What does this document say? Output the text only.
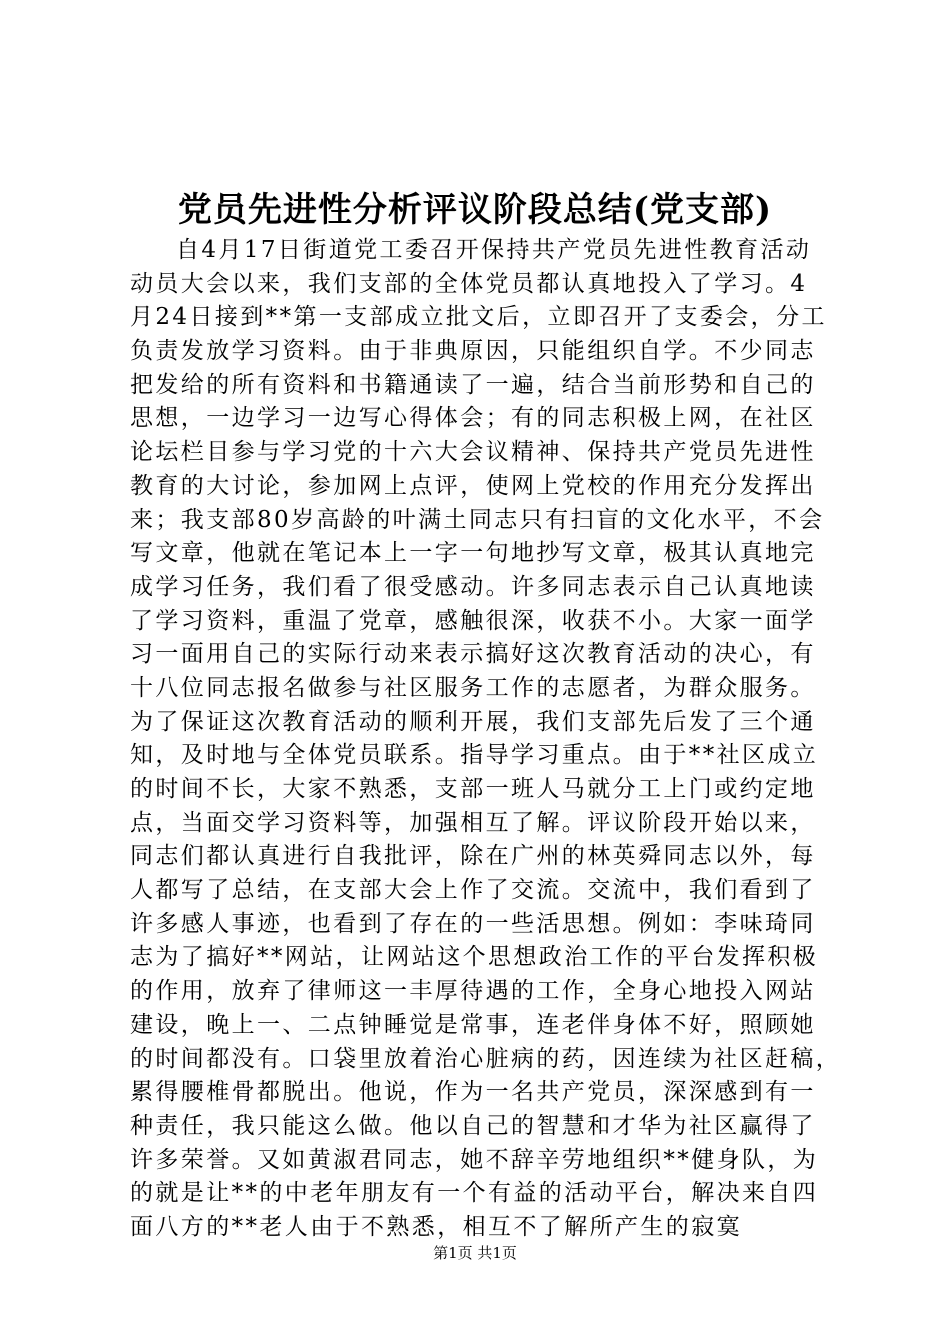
党员先进性分析评议阶段总结(党支部)
自4月17日街道党工委召开保持共产党员先进性教育活动
动员大会以来，我们支部的全体党员都认真地投入了学习。4
月24日接到**第一支部成立批文后，立即召开了支委会，分工
负责发放学习资料。由于非典原因，只能组织自学。不少同志
把发给的所有资料和书籍通读了一遍，结合当前形势和自己的
思想，一边学习一边写心得体会；有的同志积极上网，在社区
论坛栏目参与学习党的十六大会议精神、保持共产党员先进性
教育的大讨论，参加网上点评，使网上党校的作用充分发挥出
来；我支部80岁高龄的叶满土同志只有扫盲的文化水平，不会
写文章，他就在笔记本上一字一句地抄写文章，极其认真地完
成学习任务，我们看了很受感动。许多同志表示自己认真地读
了学习资料，重温了党章，感触很深，收获不小。大家一面学
习一面用自己的实际行动来表示搞好这次教育活动的决心，有
十八位同志报名做参与社区服务工作的志愿者，为群众服务。
为了保证这次教育活动的顺利开展，我们支部先后发了三个通
知，及时地与全体党员联系。指导学习重点。由于**社区成立
的时间不长，大家不熟悉，支部一班人马就分工上门或约定地
点，当面交学习资料等，加强相互了解。评议阶段开始以来，
同志们都认真进行自我批评，除在广州的林英舜同志以外，每
人都写了总结，在支部大会上作了交流。交流中，我们看到了
许多感人事迹，也看到了存在的一些活思想。例如：李味琦同
志为了搞好**网站，让网站这个思想政治工作的平台发挥积极
的作用，放弃了律师这一丰厚待遇的工作，全身心地投入网站
建设，晚上一、二点钟睡觉是常事，连老伴身体不好，照顾她
的时间都没有。口袋里放着治心脏病的药，因连续为社区赶稿，
累得腰椎骨都脱出。他说，作为一名共产党员，深深感到有一
种责任，我只能这么做。他以自己的智慧和才华为社区赢得了
许多荣誉。又如黄淑君同志，她不辞辛劳地组织**健身队，为
的就是让**的中老年朋友有一个有益的活动平台，解决来自四
面八方的**老人由于不熟悉，相互不了解所产生的寂寞
第1页 共1页
